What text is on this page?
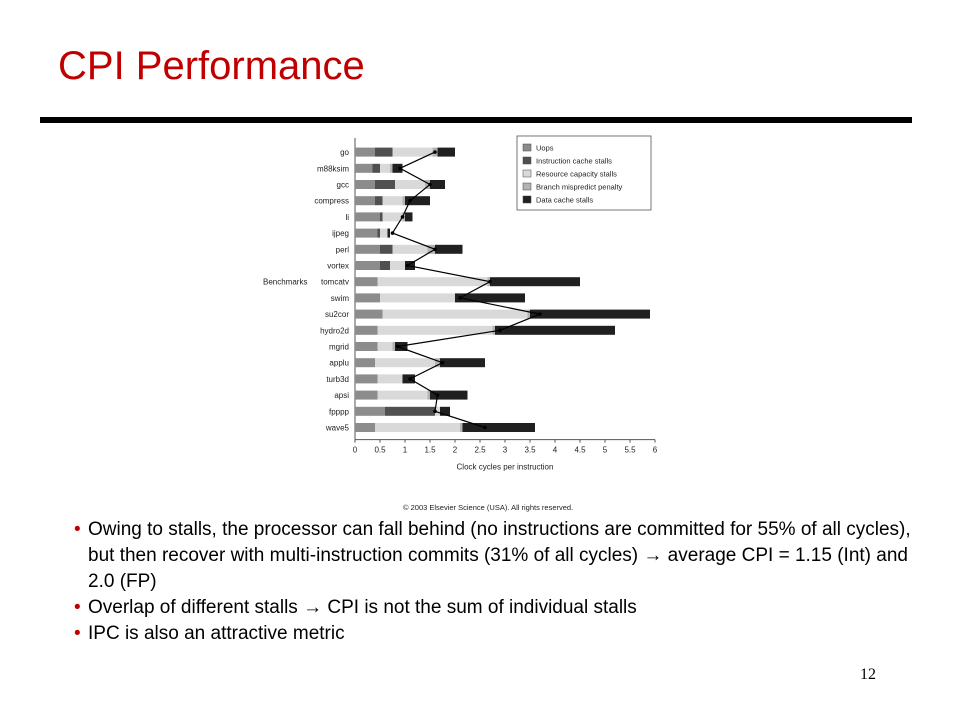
CPI Performance
go
m88ksim
gcc
compress
li
ijpeg
perl
vortex
tomcatv
swim
su2cor
hydro2d
mgrid
applu
turb3d
apsi
fpppp
wave5
0 0.5 1 1.5 2 2.5 3 3.5 4 4.5 5 5.5 6
Clock cycles per instruction
Benchmarks
Uops
Instruction cache stalls
Resource capacity stalls
Branch mispredict penalty
Data cache stalls
© 2003 Elsevier Science (USA). All rights reserved.
• Owing to stalls, the processor can fall behind (no instructions are committed for 55% of all cycles), but then recover with multi-instruction commits (31% of all cycles) → average CPI = 1.15 (Int) and 2.0 (FP)
• Overlap of different stalls → CPI is not the sum of individual stalls
• IPC is also an attractive metric
12
